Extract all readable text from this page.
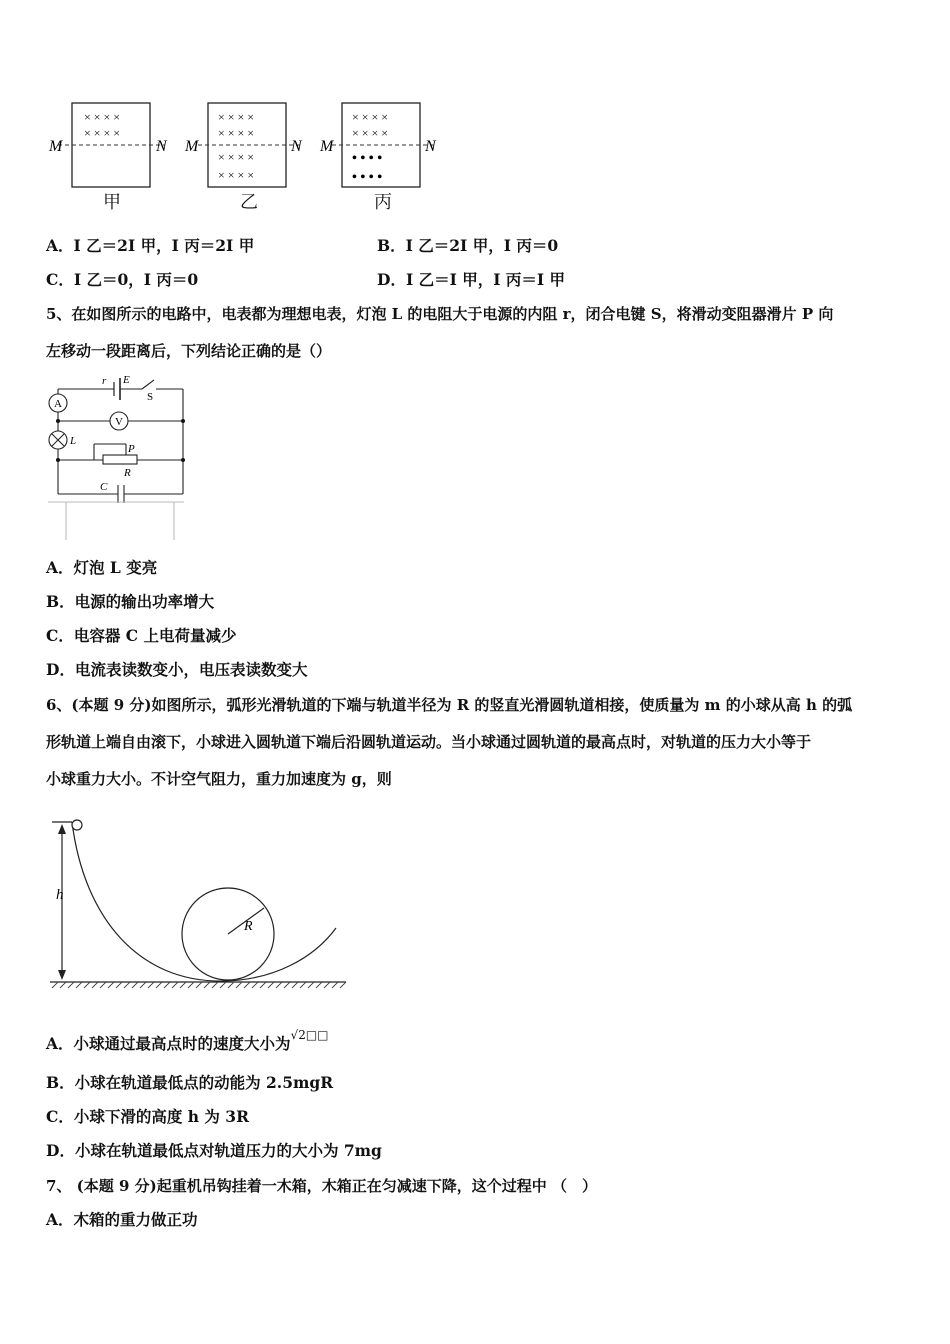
× × × ×
× × × ×
M	N
× × × ×
× × × ×
× × × ×
× × × ×
M	N
× × × ×
× × × ×
• • • •
• • • •
M	N
甲	乙	丙
A．I 乙＝2I 甲，I 丙＝2I 甲	B．I 乙＝2I 甲，I 丙＝0
C．I 乙＝0，I 丙＝0	D．I 乙＝I 甲，I 丙＝I 甲
5、在如图所示的电路中，电表都为理想电表，灯泡 L 的电阻大于电源的内阻 r，闭合电键 S，将滑动变阻器滑片 P 向
左移动一段距离后，下列结论正确的是（）
r E
S
A
V
L
P
R
C
A．灯泡 L 变亮
B．电源的输出功率增大
C．电容器 C 上电荷量减少
D．电流表读数变小，电压表读数变大
6、(本题 9 分)如图所示，弧形光滑轨道的下端与轨道半径为 R 的竖直光滑圆轨道相接，使质量为 m 的小球从高 h 的弧
形轨道上端自由滚下，小球进入圆轨道下端后沿圆轨道运动。当小球通过圆轨道的最高点时，对轨道的压力大小等于
小球重力大小。不计空气阻力，重力加速度为 g，则
h
R
A．小球通过最高点时的速度大小为$^{√2□□}$
B．小球在轨道最低点的动能为 2.5mgR
C．小球下滑的高度 h 为 3R
D．小球在轨道最低点对轨道压力的大小为 7mg
7、 (本题 9 分)起重机吊钩挂着一木箱，木箱正在匀减速下降，这个过程中 （　）
A．木箱的重力做正功
